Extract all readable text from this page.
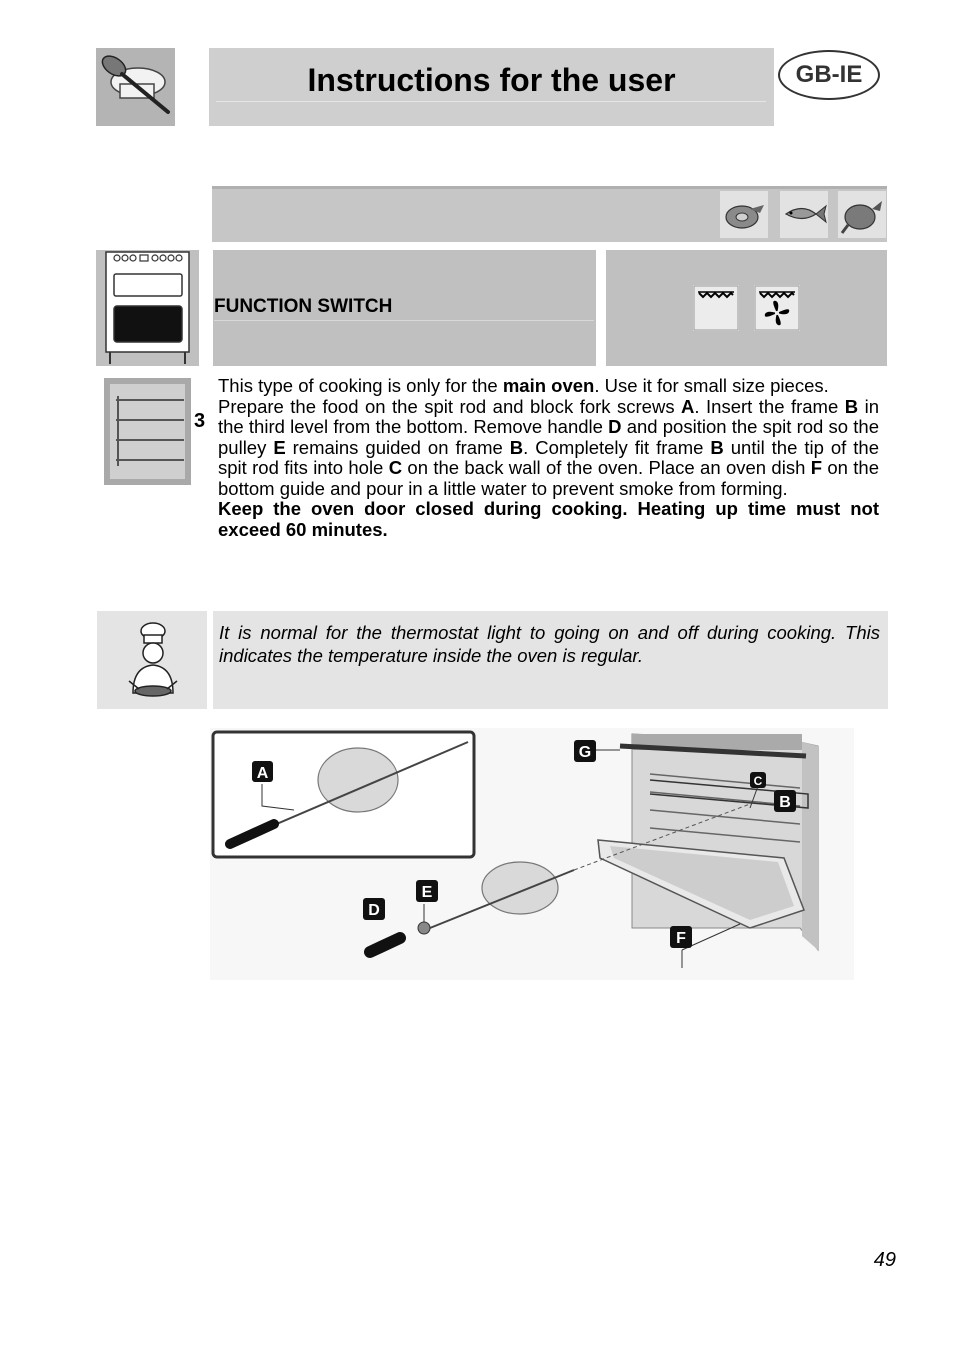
Instructions for the user	GB-IE
FUNCTION SWITCH
3

This type of cooking is only for the main oven. Use it for small size pieces.

Prepare the food on the spit rod and block fork screws A. Insert the frame B in the third level from the bottom. Remove handle D and position the spit rod so the pulley E remains guided on frame B. Completely fit frame B until the tip of the spit rod fits into hole C on the back wall of the oven. Place an oven dish F on the bottom guide and pour in a little water to prevent smoke from forming.

Keep the oven door closed during cooking. Heating up time must not exceed 60 minutes.

It is normal for the thermostat light to going on and off during cooking. This indicates the temperature inside the oven is regular.
A
G
C
B
E
D
F
49
